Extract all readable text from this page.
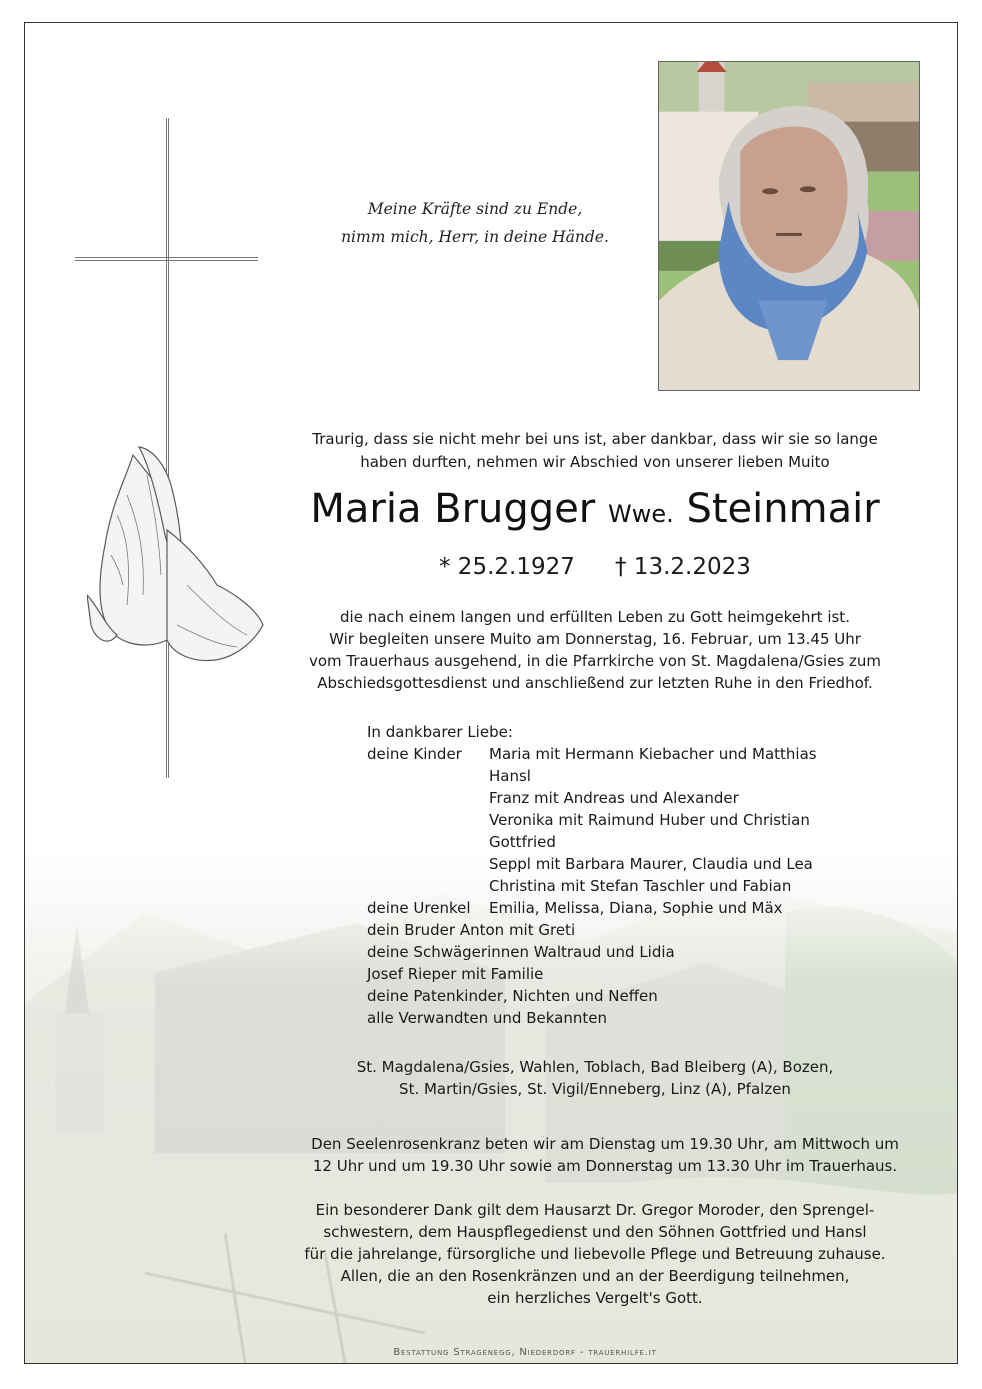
Meine Kräfte sind zu Ende,
nimm mich, Herr, in deine Hände.
Traurig, dass sie nicht mehr bei uns ist, aber dankbar, dass wir sie so lange
haben durften, nehmen wir Abschied von unserer lieben Muito
Maria Brugger Wwe. Steinmair
* 25.2.1927 † 13.2.2023
die nach einem langen und erfüllten Leben zu Gott heimgekehrt ist.
Wir begleiten unsere Muito am Donnerstag, 16. Februar, um 13.45 Uhr
vom Trauerhaus ausgehend, in die Pfarrkirche von St. Magdalena/Gsies zum
Abschiedsgottesdienst und anschließend zur letzten Ruhe in den Friedhof.
In dankbarer Liebe:
deine Kinder	Maria mit Hermann Kiebacher und Matthias
Hansl
Franz mit Andreas und Alexander
Veronika mit Raimund Huber und Christian
Gottfried
Seppl mit Barbara Maurer, Claudia und Lea
Christina mit Stefan Taschler und Fabian
deine Urenkel	Emilia, Melissa, Diana, Sophie und Mäx
dein Bruder Anton mit Greti
deine Schwägerinnen Waltraud und Lidia
Josef Rieper mit Familie
deine Patenkinder, Nichten und Neffen
alle Verwandten und Bekannten
St. Magdalena/Gsies, Wahlen, Toblach, Bad Bleiberg (A), Bozen,
St. Martin/Gsies, St. Vigil/Enneberg, Linz (A), Pfalzen
Den Seelenrosenkranz beten wir am Dienstag um 19.30 Uhr, am Mittwoch um
12 Uhr und um 19.30 Uhr sowie am Donnerstag um 13.30 Uhr im Trauerhaus.
Ein besonderer Dank gilt dem Hausarzt Dr. Gregor Moroder, den Sprengel-
schwestern, dem Hauspflegedienst und den Söhnen Gottfried und Hansl
für die jahrelange, fürsorgliche und liebevolle Pflege und Betreuung zuhause.
Allen, die an den Rosenkränzen und an der Beerdigung teilnehmen,
ein herzliches Vergelt's Gott.
Bestattung Stragenegg, Niederdorf - trauerhilfe.it
